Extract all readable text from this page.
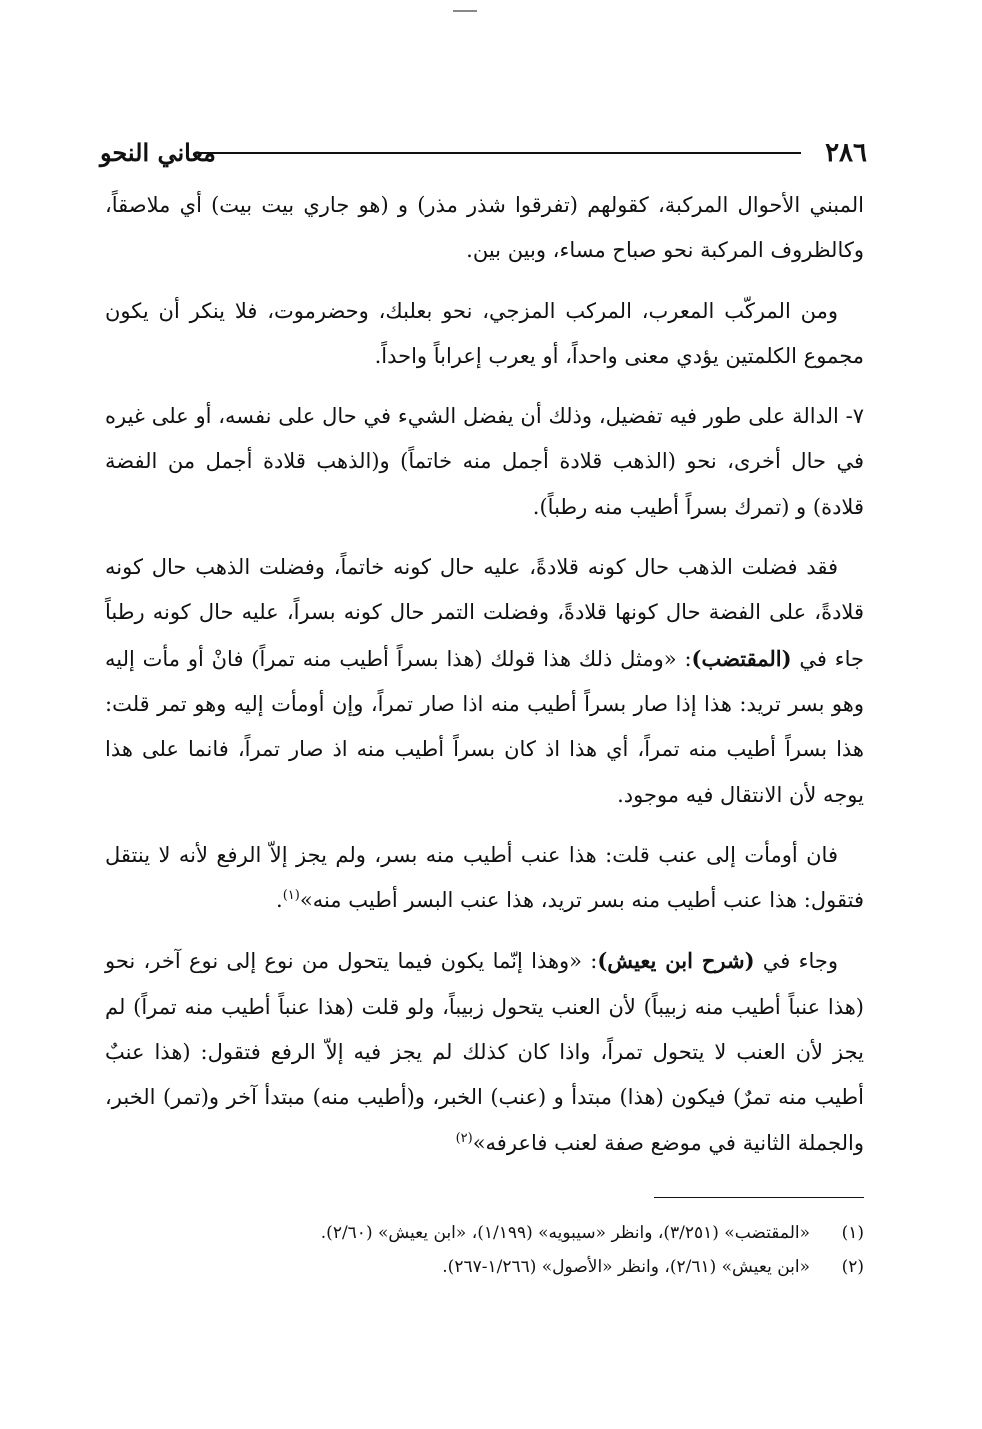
٢٨٦
معاني النحو

المبني الأحوال المركبة، كقولهم (تفرقوا شذر مذر) و (هو جاري بيت بيت) أي ملاصقاً، وكالظروف المركبة نحو صباح مساء، وبين بين.

ومن المركّب المعرب، المركب المزجي، نحو بعلبك، وحضرموت، فلا ينكر أن يكون مجموع الكلمتين يؤدي معنى واحداً، أو يعرب إعراباً واحداً.

٧- الدالة على طور فيه تفضيل، وذلك أن يفضل الشيء في حال على نفسه، أو على غيره في حال أخرى، نحو (الذهب قلادة أجمل منه خاتماً) و(الذهب قلادة أجمل من الفضة قلادة) و (تمرك بسراً أطيب منه رطباً).

فقد فضلت الذهب حال كونه قلادةً، عليه حال كونه خاتماً، وفضلت الذهب حال كونه قلادةً، على الفضة حال كونها قلادةً، وفضلت التمر حال كونه بسراً، عليه حال كونه رطباً جاء في (المقتضب): «ومثل ذلك هذا قولك (هذا بسراً أطيب منه تمراً) فانْ أو مأت إليه وهو بسر تريد: هذا إذا صار بسراً أطيب منه اذا صار تمراً، وإن أومأت إليه وهو تمر قلت: هذا بسراً أطيب منه تمراً، أي هذا اذ كان بسراً أطيب منه اذ صار تمراً، فانما على هذا يوجه لأن الانتقال فيه موجود.

فان أومأت إلى عنب قلت: هذا عنب أطيب منه بسر، ولم يجز إلاّ الرفع لأنه لا ينتقل فتقول: هذا عنب أطيب منه بسر تريد، هذا عنب البسر أطيب منه»$^{(١)}$.

وجاء في (شرح ابن يعيش): «وهذا إنّما يكون فيما يتحول من نوع إلى نوع آخر، نحو (هذا عنباً أطيب منه زبيباً) لأن العنب يتحول زبيباً، ولو قلت (هذا عنباً أطيب منه تمراً) لم يجز لأن العنب لا يتحول تمراً، واذا كان كذلك لم يجز فيه إلاّ الرفع فتقول: (هذا عنبٌ أطيب منه تمرٌ) فيكون (هذا) مبتدأ و (عنب) الخبر، و(أطيب منه) مبتدأ آخر و(تمر) الخبر، والجملة الثانية في موضع صفة لعنب فاعرفه»$^{(٢)}$

(١)
«المقتضب» (٣/٢٥١)، وانظر «سيبويه» (١/١٩٩)، «ابن يعيش» (٢/٦٠).
(٢)
«ابن يعيش» (٢/٦١)، وانظر «الأصول» (١/٢٦٦-٢٦٧).
